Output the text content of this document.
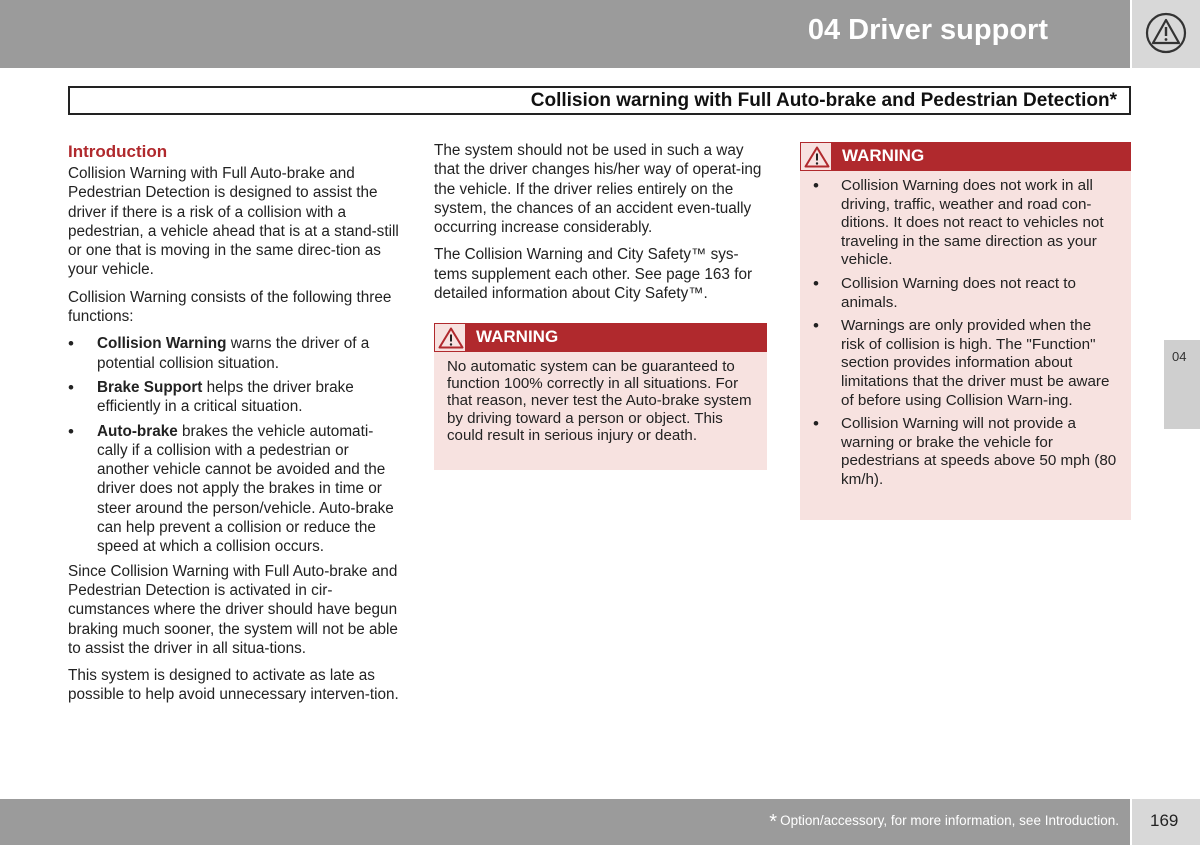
04 Driver support
Collision warning with Full Auto-brake and Pedestrian Detection*
Introduction

Collision Warning with Full Auto-brake and Pedestrian Detection is designed to assist the driver if there is a risk of a collision with a pedestrian, a vehicle ahead that is at a stand-still or one that is moving in the same direc-tion as your vehicle.

Collision Warning consists of the following three functions:

• Collision Warning warns the driver of a potential collision situation.
• Brake Support helps the driver brake efficiently in a critical situation.
• Auto-brake brakes the vehicle automati-cally if a collision with a pedestrian or another vehicle cannot be avoided and the driver does not apply the brakes in time or steer around the person/vehicle. Auto-brake can help prevent a collision or reduce the speed at which a collision occurs.

Since Collision Warning with Full Auto-brake and Pedestrian Detection is activated in cir-cumstances where the driver should have begun braking much sooner, the system will not be able to assist the driver in all situa-tions.

This system is designed to activate as late as possible to help avoid unnecessary interven-tion.

The system should not be used in such a way that the driver changes his/her way of operat-ing the vehicle. If the driver relies entirely on the system, the chances of an accident even-tually occurring increase considerably.

The Collision Warning and City Safety™ sys-tems supplement each other. See page 163 for detailed information about City Safety™.

WARNING
No automatic system can be guaranteed to function 100% correctly in all situations. For that reason, never test the Auto-brake system by driving toward a person or object. This could result in serious injury or death.
WARNING
• Collision Warning does not work in all driving, traffic, weather and road con-ditions. It does not react to vehicles not traveling in the same direction as your vehicle.
• Collision Warning does not react to animals.
• Warnings are only provided when the risk of collision is high. The "Function" section provides information about limitations that the driver must be aware of before using Collision Warn-ing.
• Collision Warning will not provide a warning or brake the vehicle for pedestrians at speeds above 50 mph (80 km/h).
04
* Option/accessory, for more information, see Introduction. 169
